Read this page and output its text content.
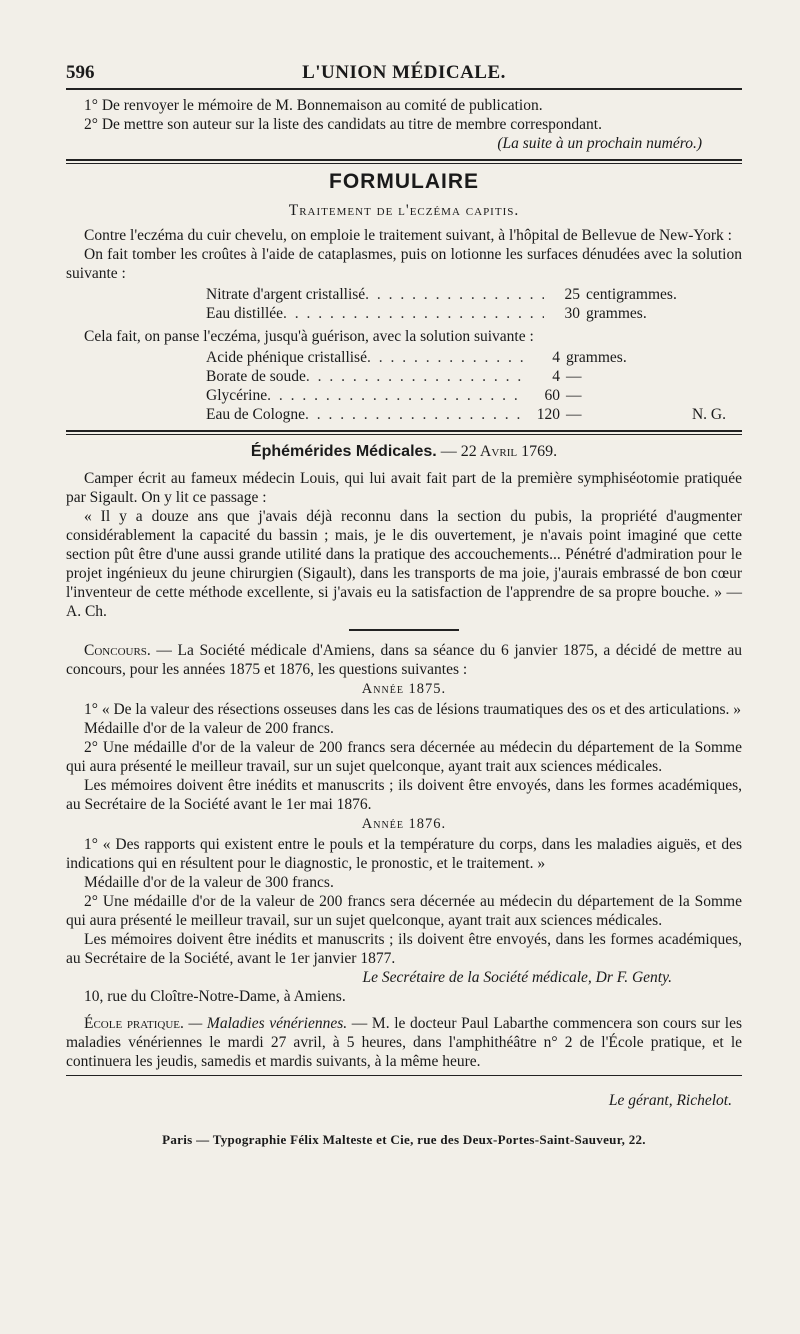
596	L'UNION MÉDICALE.

1° De renvoyer le mémoire de M. Bonnemaison au comité de publication.

2° De mettre son auteur sur la liste des candidats au titre de membre correspondant.

(La suite à un prochain numéro.)
FORMULAIRE
Traitement de l'eczéma capitis.

Contre l'eczéma du cuir chevelu, on emploie le traitement suivant, à l'hôpital de Bellevue de New-York :

On fait tomber les croûtes à l'aide de cataplasmes, puis on lotionne les surfaces dénudées avec la solution suivante :

Nitrate d'argent cristallisé . . .	25 centigrammes.
Eau distillée . . .	30 grammes.

Cela fait, on panse l'eczéma, jusqu'à guérison, avec la solution suivante :

Acide phénique cristallisé . . .	4 grammes.
Borate de soude . . .	4 —
Glycérine . . .	60 —
Eau de Cologne . . .	120 —	N. G.
Éphémérides Médicales. — 22 Avril 1769.

Camper écrit au fameux médecin Louis, qui lui avait fait part de la première symphiséotomie pratiquée par Sigault. On y lit ce passage :

« Il y a douze ans que j'avais déjà reconnu dans la section du pubis, la propriété d'augmenter considérablement la capacité du bassin ; mais, je le dis ouvertement, je n'avais point imaginé que cette section pût être d'une aussi grande utilité dans la pratique des accouchements... Pénétré d'admiration pour le projet ingénieux du jeune chirurgien (Sigault), dans les transports de ma joie, j'aurais embrassé de bon cœur l'inventeur de cette méthode excellente, si j'avais eu la satisfaction de l'apprendre de sa propre bouche. » — A. Ch.

Concours. — La Société médicale d'Amiens, dans sa séance du 6 janvier 1875, a décidé de mettre au concours, pour les années 1875 et 1876, les questions suivantes :

Année 1875.

1° « De la valeur des résections osseuses dans les cas de lésions traumatiques des os et des articulations. »

Médaille d'or de la valeur de 200 francs.

2° Une médaille d'or de la valeur de 200 francs sera décernée au médecin du département de la Somme qui aura présenté le meilleur travail, sur un sujet quelconque, ayant trait aux sciences médicales.

Les mémoires doivent être inédits et manuscrits ; ils doivent être envoyés, dans les formes académiques, au Secrétaire de la Société avant le 1er mai 1876.

Année 1876.

1° « Des rapports qui existent entre le pouls et la température du corps, dans les maladies aiguës, et des indications qui en résultent pour le diagnostic, le pronostic, et le traitement. »

Médaille d'or de la valeur de 300 francs.

2° Une médaille d'or de la valeur de 200 francs sera décernée au médecin du département de la Somme qui aura présenté le meilleur travail, sur un sujet quelconque, ayant trait aux sciences médicales.

Les mémoires doivent être inédits et manuscrits ; ils doivent être envoyés, dans les formes académiques, au Secrétaire de la Société, avant le 1er janvier 1877.

Le Secrétaire de la Société médicale, Dr F. Genty.
10, rue du Cloître-Notre-Dame, à Amiens.

École pratique. — Maladies vénériennes. — M. le docteur Paul Labarthe commencera son cours sur les maladies vénériennes le mardi 27 avril, à 5 heures, dans l'amphithéâtre n° 2 de l'École pratique, et le continuera les jeudis, samedis et mardis suivants, à la même heure.

Le gérant, Richelot.
Paris — Typographie Félix Malteste et Cie, rue des Deux-Portes-Saint-Sauveur, 22.
